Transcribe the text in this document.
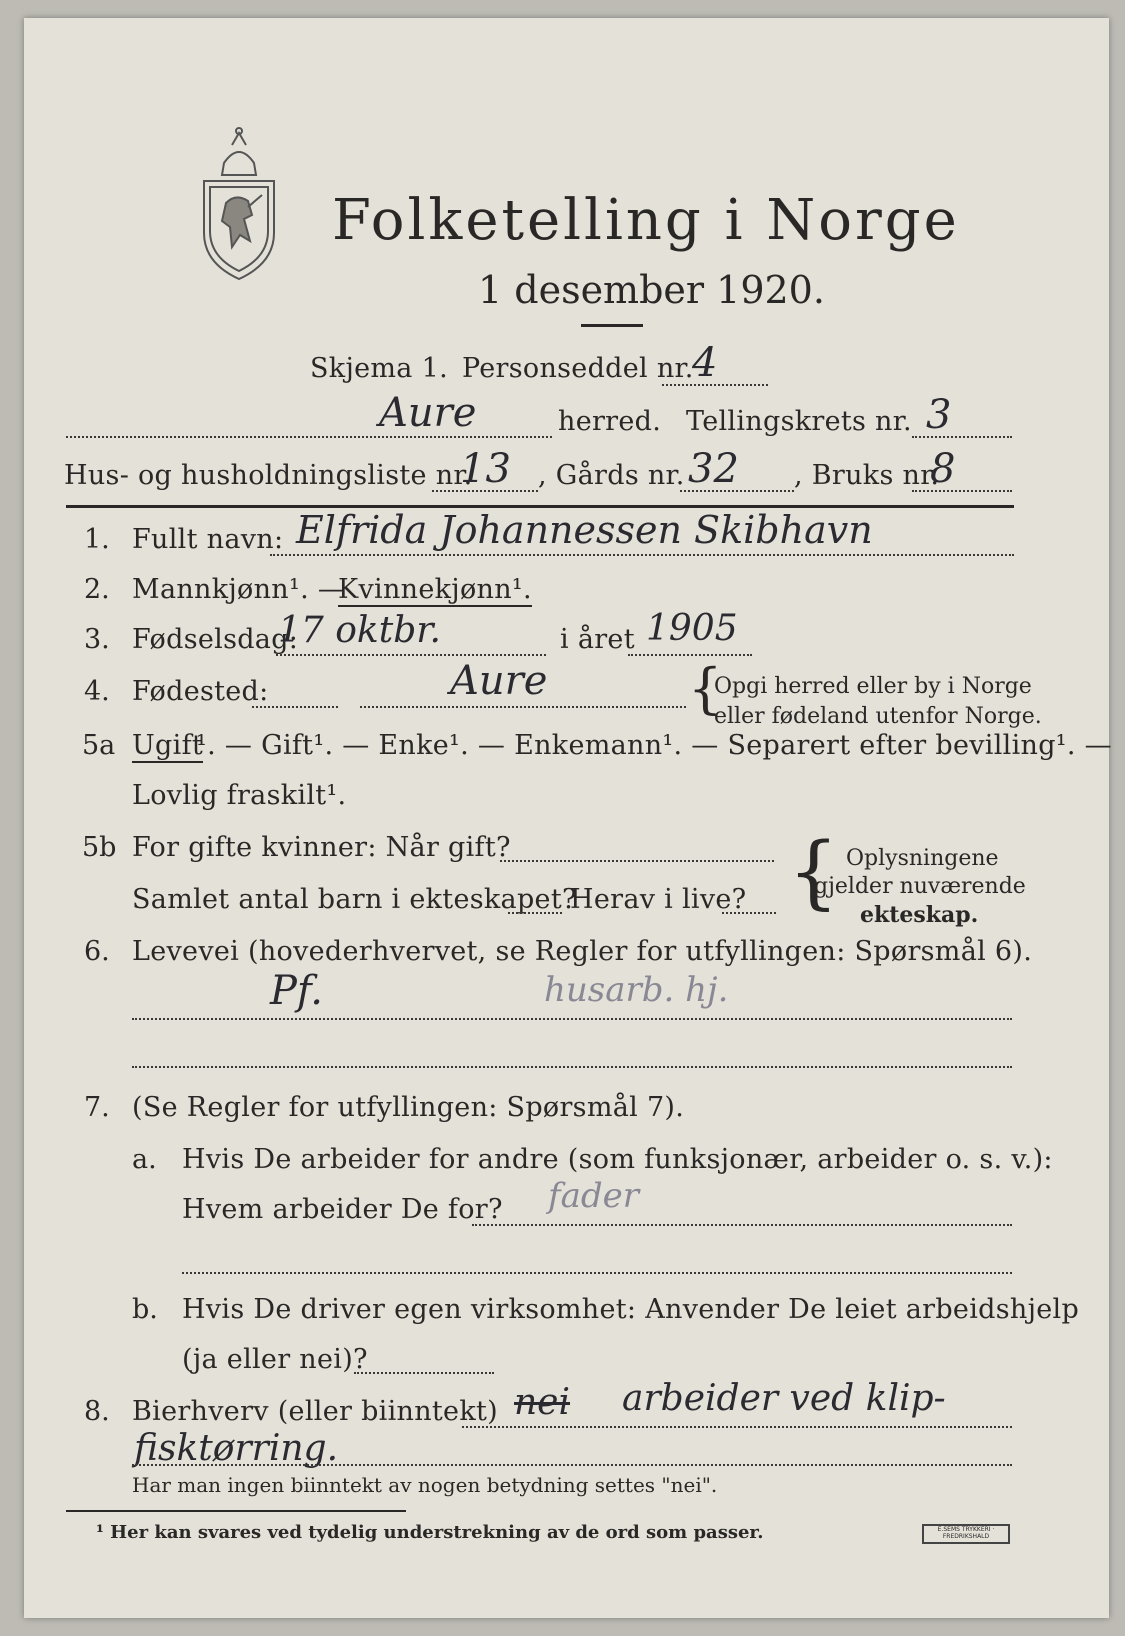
Folketelling i Norge
1 desember 1920.
Skjema 1. Personseddel nr.
4
Aure	herred. Tellingskrets nr. 3
Hus- og husholdningsliste nr.
13 , Gårds nr. 32 , Bruks nr.
8
1. Fullt navn: Elfrida Johannessen Skibhavn
2. Mannkjønn¹. —
Kvinnekjønn¹.
3. Fødselsdag:
17 oktbr.	i året 1905
4. Fødested:	Aure	{
Opgi herred eller by i Norge
eller fødeland utenfor Norge.
5a Ugift
¹. — Gift¹. — Enke¹. — Enkemann¹. — Separert efter bevilling¹. —
Lovlig fraskilt¹.
5b For gifte kvinner: Når gift?
Samlet antal barn i ekteskapet?
Herav i live? { Oplysningene
gjelder nuværende
ekteskap.
6. Levevei (hovederhvervet, se Regler for utfyllingen: Spørsmål 6).
Pf.	husarb. hj.
7. (Se Regler for utfyllingen: Spørsmål 7).
a. Hvis De arbeider for andre (som funksjonær, arbeider o. s. v.):
Hvem arbeider De for? fader
b. Hvis De driver egen virksomhet: Anvender De leiet arbeidshjelp
(ja eller nei)?
8. Bierhverv (eller biinntekt) nei arbeider ved klip-
fisktørring.
Har man ingen biinntekt av nogen betydning settes "nei".
¹ Her kan svares ved tydelig understrekning av de ord som passer.	E.SEMS TRYKKERI · FREDRIKSHALD
